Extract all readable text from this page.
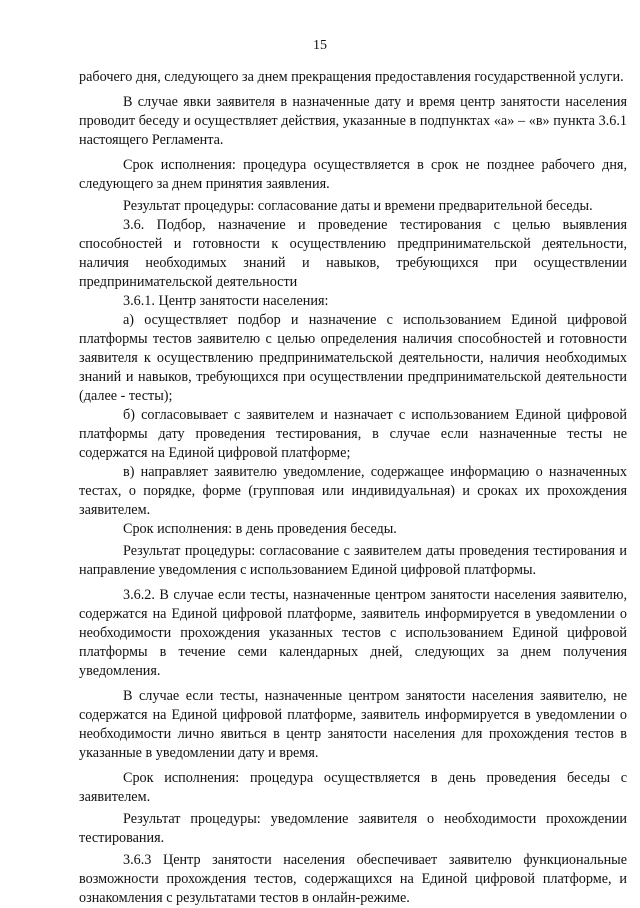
15

рабочего дня, следующего за днем прекращения предоставления государственной услуги.

В случае явки заявителя в назначенные дату и время центр занятости населения проводит беседу и осуществляет действия, указанные в подпунктах «а» – «в» пункта 3.6.1 настоящего Регламента.

Срок исполнения: процедура осуществляется в срок не позднее рабочего дня, следующего за днем принятия заявления.

Результат процедуры: согласование даты и времени предварительной беседы.

3.6. Подбор, назначение и проведение тестирования с целью выявления способностей и готовности к осуществлению предпринимательской деятельности, наличия необходимых знаний и навыков, требующихся при осуществлении предпринимательской деятельности

3.6.1. Центр занятости населения:

а) осуществляет подбор и назначение с использованием Единой цифровой платформы тестов заявителю с целью определения наличия способностей и готовности заявителя к осуществлению предпринимательской деятельности, наличия необходимых знаний и навыков, требующихся при осуществлении предпринимательской деятельности (далее - тесты);

б) согласовывает с заявителем и назначает с использованием Единой цифровой платформы дату проведения тестирования, в случае если назначенные тесты не содержатся на Единой цифровой платформе;

в) направляет заявителю уведомление, содержащее информацию о назначенных тестах, о порядке, форме (групповая или индивидуальная) и сроках их прохождения заявителем.

Срок исполнения: в день проведения беседы.

Результат процедуры: согласование с заявителем даты проведения тестирования и направление уведомления с использованием Единой цифровой платформы.

3.6.2. В случае если тесты, назначенные центром занятости населения заявителю, содержатся на Единой цифровой платформе, заявитель информируется в уведомлении о необходимости прохождения указанных тестов с использованием Единой цифровой платформы в течение семи календарных дней, следующих за днем получения уведомления.

В случае если тесты, назначенные центром занятости населения заявителю, не содержатся на Единой цифровой платформе, заявитель информируется в уведомлении о необходимости лично явиться в центр занятости населения для прохождения тестов в указанные в уведомлении дату и время.

Срок исполнения: процедура осуществляется в день проведения беседы с заявителем.

Результат процедуры: уведомление заявителя о необходимости прохождении тестирования.

3.6.3 Центр занятости населения обеспечивает заявителю функциональные возможности прохождения тестов, содержащихся на Единой цифровой платформе, и ознакомления с результатами тестов в онлайн-режиме.
